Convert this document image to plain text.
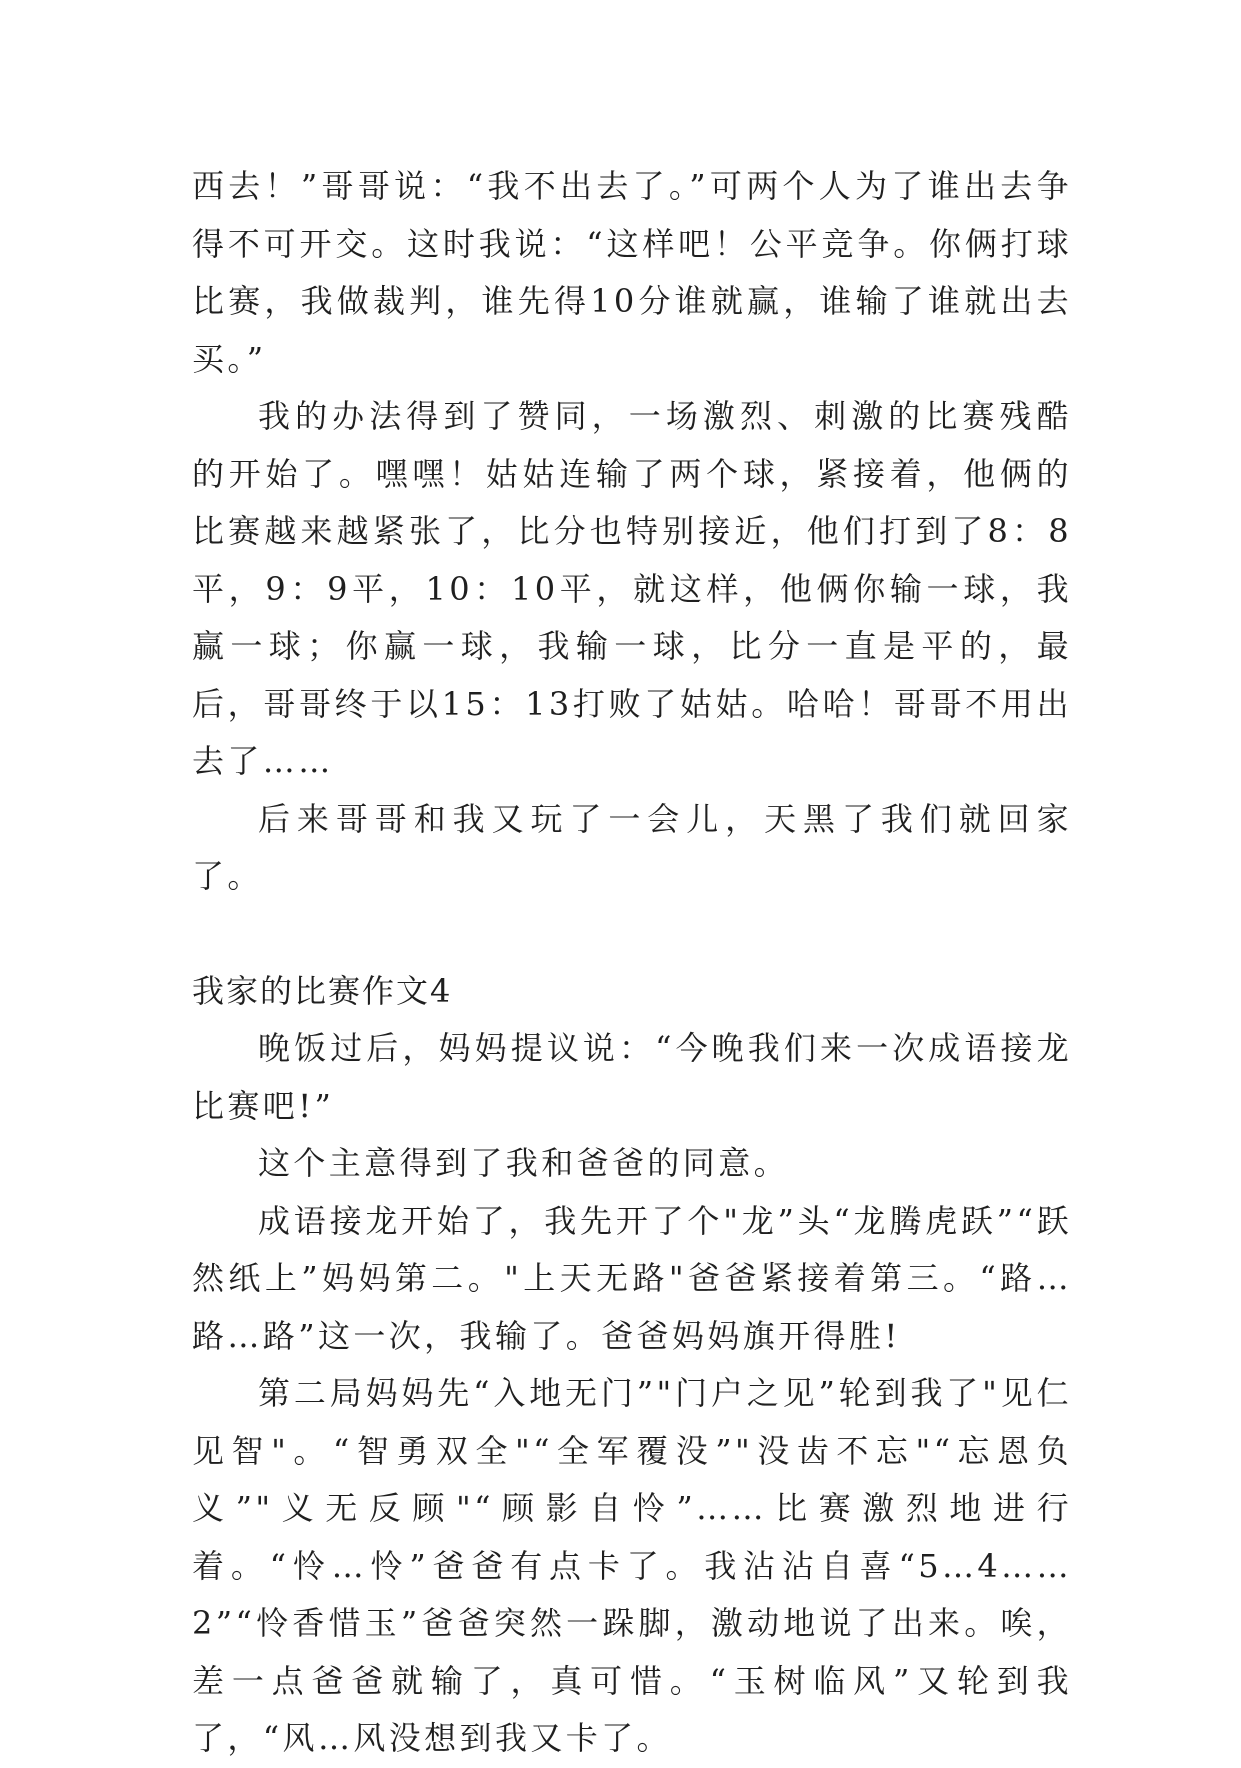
西去！”哥哥说：“我不出去了。”可两个人为了谁出去争得不可开交。这时我说：“这样吧！公平竞争。你俩打球比赛，我做裁判，谁先得10分谁就赢，谁输了谁就出去买。”

我的办法得到了赞同，一场激烈、刺激的比赛残酷的开始了。嘿嘿！姑姑连输了两个球，紧接着，他俩的比赛越来越紧张了，比分也特别接近，他们打到了8：8平，9：9平，10：10平，就这样，他俩你输一球，我赢一球；你赢一球，我输一球，比分一直是平的，最后，哥哥终于以15：13打败了姑姑。哈哈！哥哥不用出去了……

后来哥哥和我又玩了一会儿，天黑了我们就回家了。

我家的比赛作文4

晚饭过后，妈妈提议说：“今晚我们来一次成语接龙比赛吧!”

这个主意得到了我和爸爸的同意。

成语接龙开始了，我先开了个"龙”头“龙腾虎跃”“跃然纸上”妈妈第二。"上天无路"爸爸紧接着第三。“路…路…路”这一次，我输了。爸爸妈妈旗开得胜!

第二局妈妈先“入地无门”"门户之见”轮到我了"见仁见智"。“智勇双全"“全军覆没”"没齿不忘"“忘恩负义”"义无反顾"“顾影自怜”……比赛激烈地进行着。“怜…怜”爸爸有点卡了。我沾沾自喜“5…4……2”“怜香惜玉”爸爸突然一跺脚，激动地说了出来。唉，差一点爸爸就输了，真可惜。“玉树临风”又轮到我了，“风…风没想到我又卡了。
